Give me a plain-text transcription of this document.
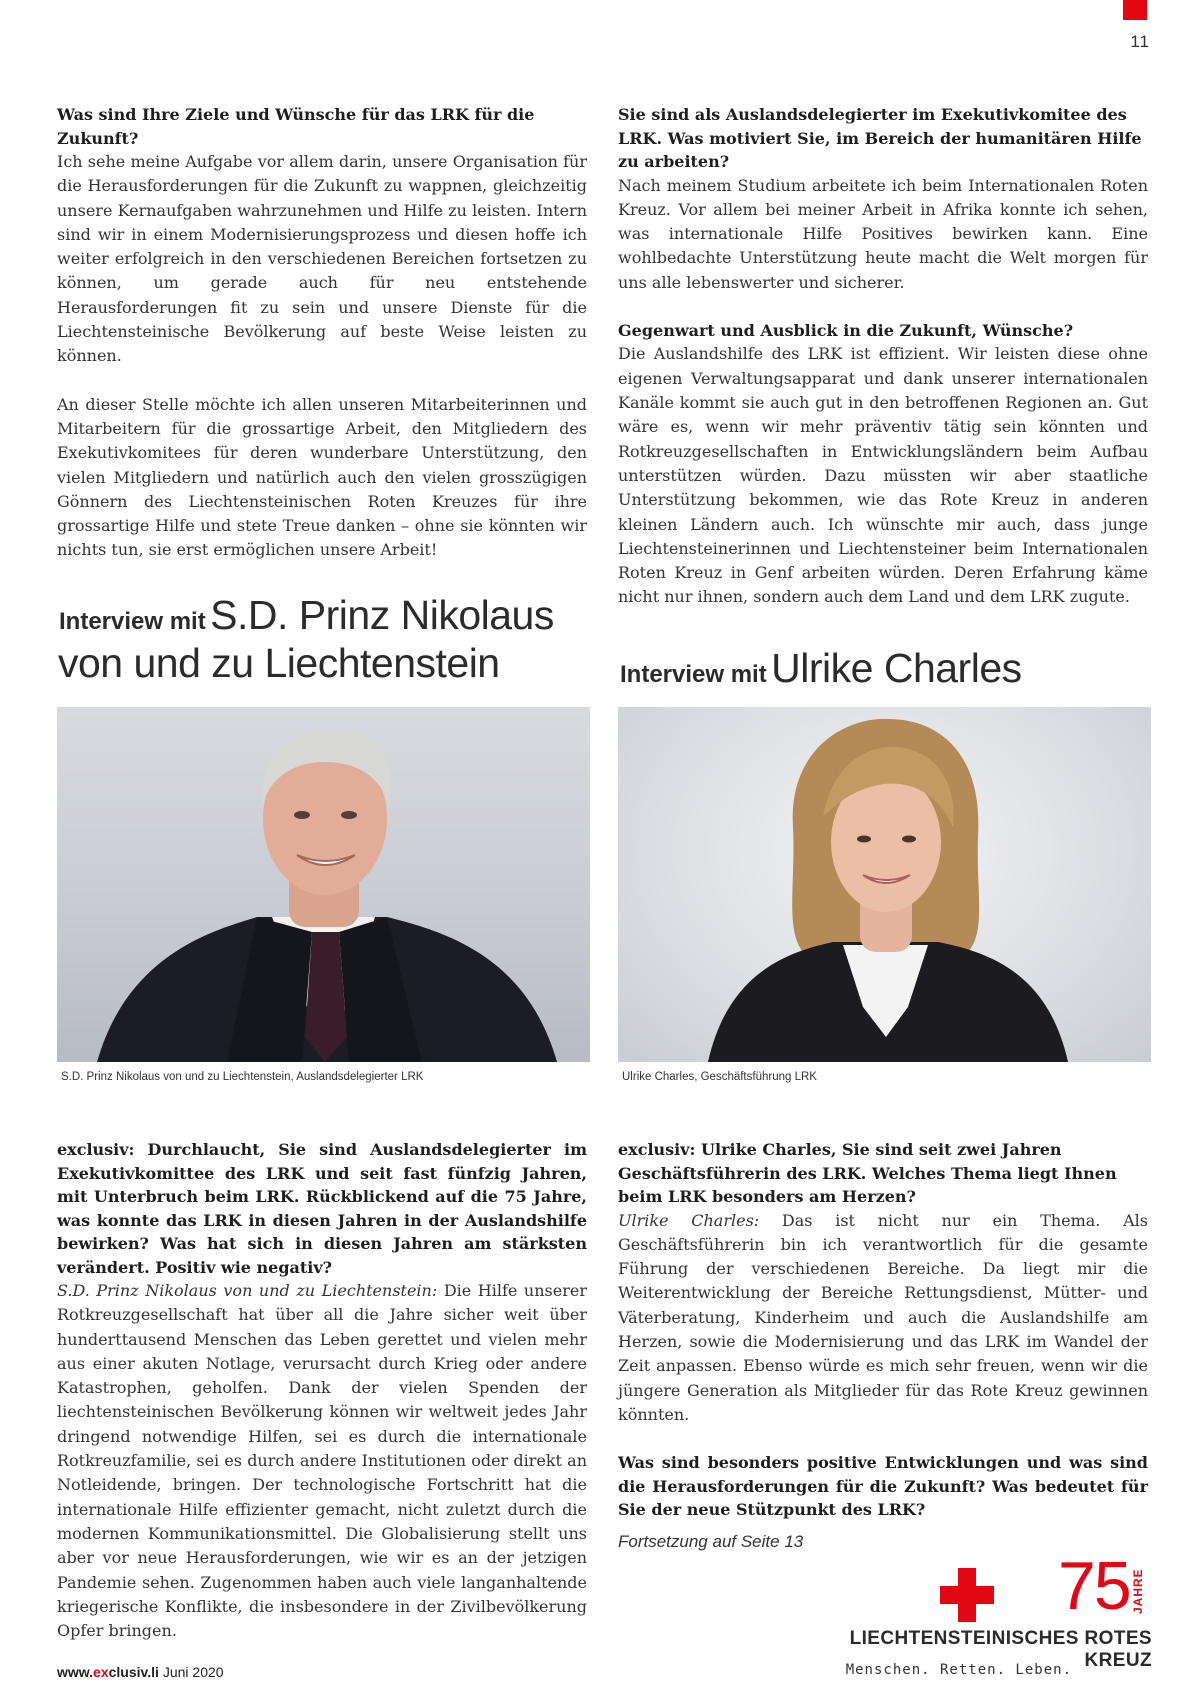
11
Was sind Ihre Ziele und Wünsche für das LRK für die Zukunft?
Ich sehe meine Aufgabe vor allem darin, unsere Organisation für die Herausforderungen für die Zukunft zu wappnen, gleichzeitig unsere Kernaufgaben wahrzunehmen und Hilfe zu leisten. Intern sind wir in einem Modernisierungsprozess und diesen hoffe ich weiter erfolgreich in den verschiedenen Bereichen fortsetzen zu können, um gerade auch für neu entstehende Herausforderungen fit zu sein und unsere Dienste für die Liechtensteinische Bevölkerung auf beste Weise leisten zu können.
An dieser Stelle möchte ich allen unseren Mitarbeiterinnen und Mitarbeitern für die grossartige Arbeit, den Mitgliedern des Exekutivkomitees für deren wunderbare Unterstützung, den vielen Mitgliedern und natürlich auch den vielen grosszügigen Gönnern des Liechtensteinischen Roten Kreuzes für ihre grossartige Hilfe und stete Treue danken – ohne sie könnten wir nichts tun, sie erst ermöglichen unsere Arbeit!
Sie sind als Auslandsdelegierter im Exekutivkomitee des LRK. Was motiviert Sie, im Bereich der humanitären Hilfe zu arbeiten?
Nach meinem Studium arbeitete ich beim Internationalen Roten Kreuz. Vor allem bei meiner Arbeit in Afrika konnte ich sehen, was internationale Hilfe Positives bewirken kann. Eine wohlbedachte Unterstützung heute macht die Welt morgen für uns alle lebenswerter und sicherer.
Gegenwart und Ausblick in die Zukunft, Wünsche?
Die Auslandshilfe des LRK ist effizient. Wir leisten diese ohne eigenen Verwaltungsapparat und dank unserer internationalen Kanäle kommt sie auch gut in den betroffenen Regionen an. Gut wäre es, wenn wir mehr präventiv tätig sein könnten und Rotkreuzgesellschaften in Entwicklungsländern beim Aufbau unterstützen würden. Dazu müssten wir aber staatliche Unterstützung bekommen, wie das Rote Kreuz in anderen kleinen Ländern auch. Ich wünschte mir auch, dass junge Liechtensteinerinnen und Liechtensteiner beim Internationalen Roten Kreuz in Genf arbeiten würden. Deren Erfahrung käme nicht nur ihnen, sondern auch dem Land und dem LRK zugute.
Interview mit S.D. Prinz Nikolaus
von und zu Liechtenstein	Interview mit Ulrike Charles
S.D. Prinz Nikolaus von und zu Liechtenstein, Auslandsdelegierter LRK	Ulrike Charles, Geschäftsführung LRK
exclusiv: Durchlaucht, Sie sind Auslandsdelegierter im Exekutivkomittee des LRK und seit fast fünfzig Jahren, mit Unterbruch beim LRK. Rückblickend auf die 75 Jahre, was konnte das LRK in diesen Jahren in der Auslandshilfe bewirken? Was hat sich in diesen Jahren am stärksten verändert. Positiv wie negativ?
S.D. Prinz Nikolaus von und zu Liechtenstein: Die Hilfe unserer Rotkreuzgesellschaft hat über all die Jahre sicher weit über hunderttausend Menschen das Leben gerettet und vielen mehr aus einer akuten Notlage, verursacht durch Krieg oder andere Katastrophen, geholfen. Dank der vielen Spenden der liechtensteinischen Bevölkerung können wir weltweit jedes Jahr dringend notwendige Hilfen, sei es durch die internationale Rotkreuzfamilie, sei es durch andere Institutionen oder direkt an Notleidende, bringen. Der technologische Fortschritt hat die internationale Hilfe effizienter gemacht, nicht zuletzt durch die modernen Kommunikationsmittel. Die Globalisierung stellt uns aber vor neue Herausforderungen, wie wir es an der jetzigen Pandemie sehen. Zugenommen haben auch viele langanhaltende kriegerische Konflikte, die insbesondere in der Zivilbevölkerung Opfer bringen.
exclusiv: Ulrike Charles, Sie sind seit zwei Jahren Geschäftsführerin des LRK. Welches Thema liegt Ihnen beim LRK besonders am Herzen?
Ulrike Charles: Das ist nicht nur ein Thema. Als Geschäftsführerin bin ich verantwortlich für die gesamte Führung der verschiedenen Bereiche. Da liegt mir die Weiterentwicklung der Bereiche Rettungsdienst, Mütter- und Väterberatung, Kinderheim und auch die Auslandshilfe am Herzen, sowie die Modernisierung und das LRK im Wandel der Zeit anpassen. Ebenso würde es mich sehr freuen, wenn wir die jüngere Generation als Mitglieder für das Rote Kreuz gewinnen könnten.
Was sind besonders positive Entwicklungen und was sind die Herausforderungen für die Zukunft? Was bedeutet für Sie der neue Stützpunkt des LRK?
Fortsetzung auf Seite 13
75 JAHRE
LIECHTENSTEINISCHES ROTES KREUZ
Menschen. Retten. Leben.
www.exclusiv.li Juni 2020
